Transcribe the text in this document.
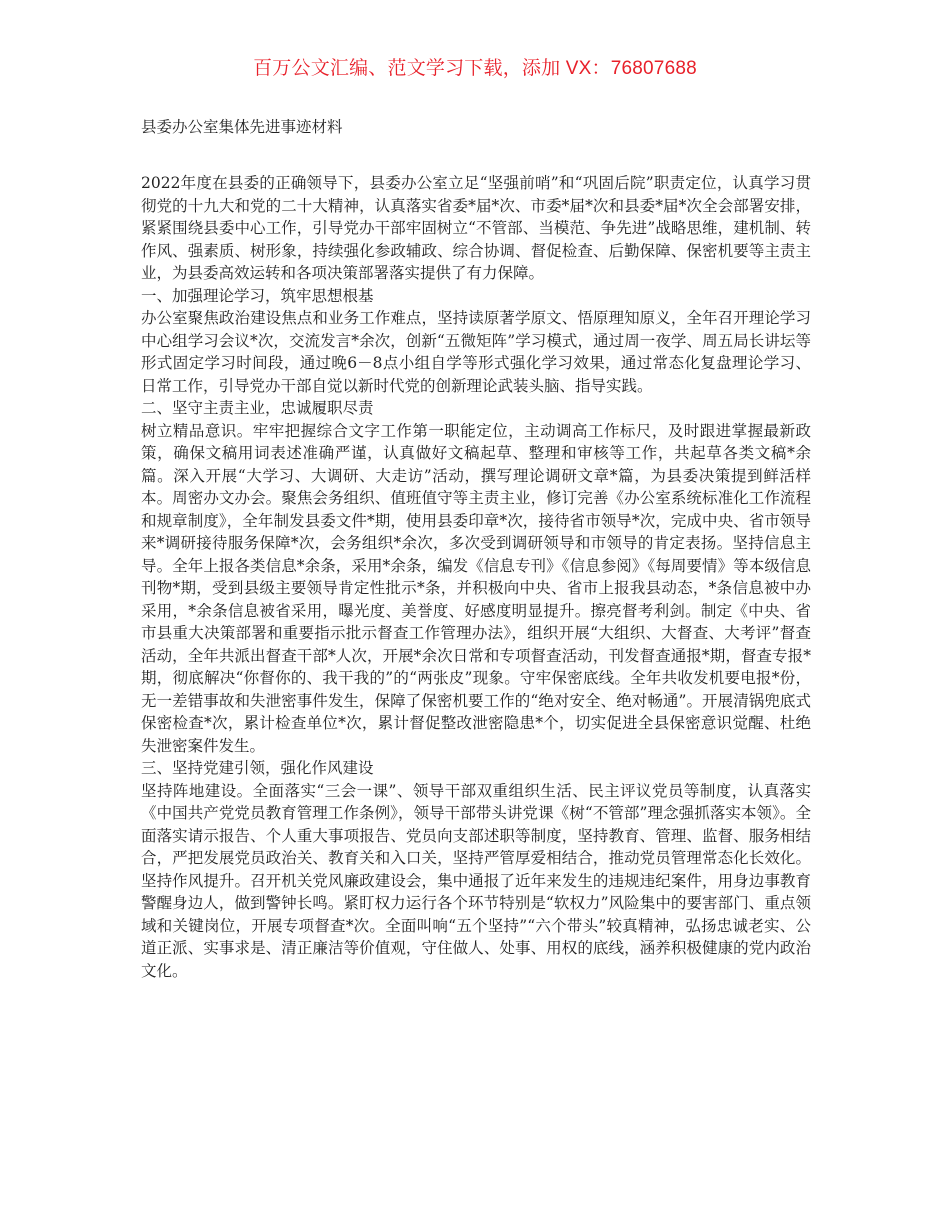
百万公文汇编、范文学习下载，添加 VX：76807688
县委办公室集体先进事迹材料

2022年度在县委的正确领导下，县委办公室立足“坚强前哨”和“巩固后院”职责定位，认真学习贯彻党的十九大和党的二十大精神，认真落实省委*届*次、市委*届*次和县委*届*次全会部署安排，紧紧围绕县委中心工作，引导党办干部牢固树立“不管部、当模范、争先进”战略思维，建机制、转作风、强素质、树形象，持续强化参政辅政、综合协调、督促检查、后勤保障、保密机要等主责主业，为县委高效运转和各项决策部署落实提供了有力保障。

一、加强理论学习，筑牢思想根基

办公室聚焦政治建设焦点和业务工作难点，坚持读原著学原文、悟原理知原义，全年召开理论学习中心组学习会议*次，交流发言*余次，创新“五微矩阵”学习模式，通过周一夜学、周五局长讲坛等形式固定学习时间段，通过晚6－8点小组自学等形式强化学习效果，通过常态化复盘理论学习、日常工作，引导党办干部自觉以新时代党的创新理论武装头脑、指导实践。

二、坚守主责主业，忠诚履职尽责

树立精品意识。牢牢把握综合文字工作第一职能定位，主动调高工作标尺，及时跟进掌握最新政策，确保文稿用词表述准确严谨，认真做好文稿起草、整理和审核等工作，共起草各类文稿*余篇。深入开展“大学习、大调研、大走访”活动，撰写理论调研文章*篇，为县委决策提到鲜活样本。周密办文办会。聚焦会务组织、值班值守等主责主业，修订完善《办公室系统标准化工作流程和规章制度》，全年制发县委文件*期，使用县委印章*次，接待省市领导*次，完成中央、省市领导来*调研接待服务保障*次，会务组织*余次，多次受到调研领导和市领导的肯定表扬。坚持信息主导。全年上报各类信息*余条，采用*余条，编发《信息专刊》《信息参阅》《每周要情》等本级信息刊物*期，受到县级主要领导肯定性批示*条，并积极向中央、省市上报我县动态，*条信息被中办采用，*余条信息被省采用，曝光度、美誉度、好感度明显提升。擦亮督考利剑。制定《中央、省市县重大决策部署和重要指示批示督查工作管理办法》，组织开展“大组织、大督查、大考评”督查活动，全年共派出督查干部*人次，开展*余次日常和专项督查活动，刊发督查通报*期，督查专报*期，彻底解决“你督你的、我干我的”的“两张皮”现象。守牢保密底线。全年共收发机要电报*份，无一差错事故和失泄密事件发生，保障了保密机要工作的“绝对安全、绝对畅通”。开展清锅兜底式保密检查*次，累计检查单位*次，累计督促整改泄密隐患*个，切实促进全县保密意识觉醒、杜绝失泄密案件发生。

三、坚持党建引领，强化作风建设

坚持阵地建设。全面落实“三会一课”、领导干部双重组织生活、民主评议党员等制度，认真落实《中国共产党党员教育管理工作条例》，领导干部带头讲党课《树“不管部”理念强抓落实本领》。全面落实请示报告、个人重大事项报告、党员向支部述职等制度，坚持教育、管理、监督、服务相结合，严把发展党员政治关、教育关和入口关，坚持严管厚爱相结合，推动党员管理常态化长效化。坚持作风提升。召开机关党风廉政建设会，集中通报了近年来发生的违规违纪案件，用身边事教育警醒身边人，做到警钟长鸣。紧盯权力运行各个环节特别是“软权力”风险集中的要害部门、重点领域和关键岗位，开展专项督查*次。全面叫响“五个坚持”“六个带头”较真精神，弘扬忠诚老实、公道正派、实事求是、清正廉洁等价值观，守住做人、处事、用权的底线，涵养积极健康的党内政治文化。
